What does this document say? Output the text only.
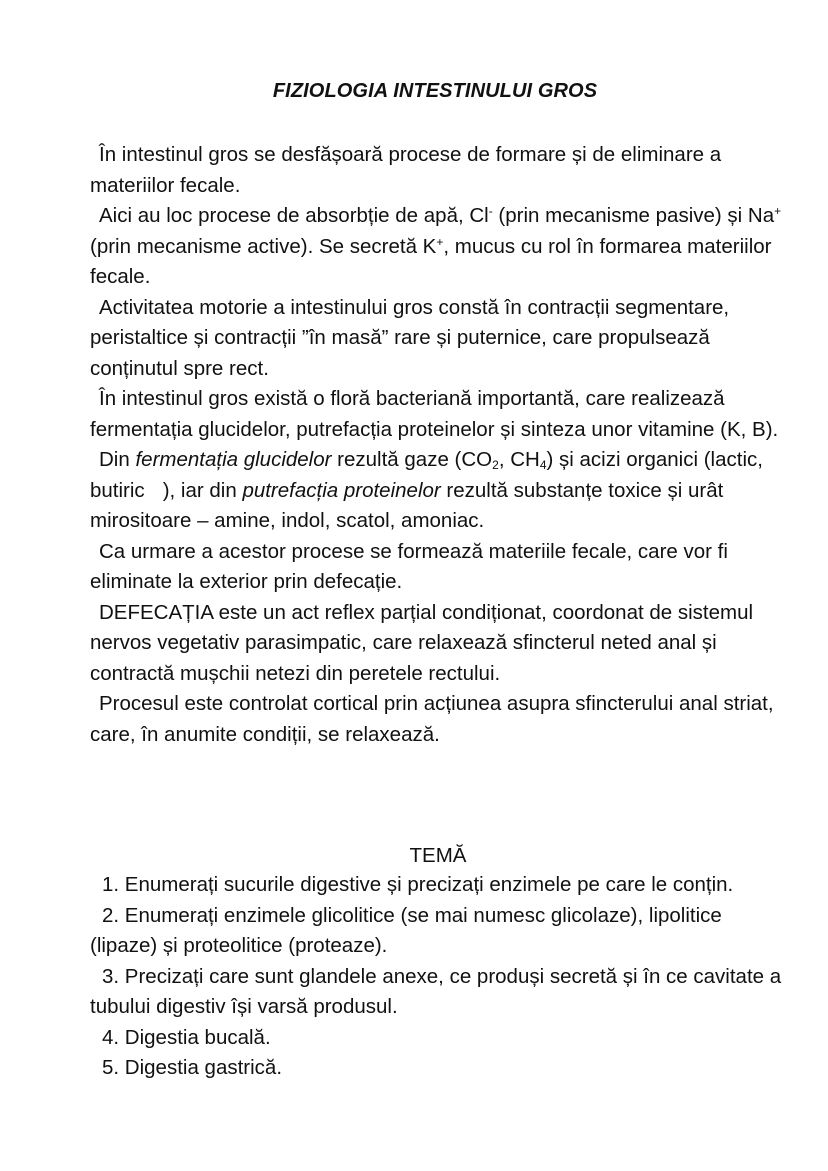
FIZIOLOGIA INTESTINULUI GROS

În intestinul gros se desfășoară procese de formare și de eliminare a materiilor fecale.

Aici au loc procese de absorbție de apă, Cl- (prin mecanisme pasive) și Na+ (prin mecanisme active). Se secretă K+, mucus cu rol în formarea materiilor fecale.

Activitatea motorie a intestinului gros constă în contracții segmentare, peristaltice și contracții ”în masă” rare și puternice, care propulsează conținutul spre rect.

În intestinul gros există o floră bacteriană importantă, care realizează fermentația glucidelor, putrefacția proteinelor și sinteza unor vitamine (K, B).

Din fermentația glucidelor rezultă gaze ($CO_2$, $CH_4$) și acizi organici (lactic, butiric ), iar din putrefacția proteinelor rezultă substanțe toxice și urât mirositoare – amine, indol, scatol, amoniac.

Ca urmare a acestor procese se formează materiile fecale, care vor fi eliminate la exterior prin defecație.

DEFECAȚIA este un act reflex parțial condiționat, coordonat de sistemul nervos vegetativ parasimpatic, care relaxează sfincterul neted anal și contractă mușchii netezi din peretele rectului.

Procesul este controlat cortical prin acțiunea asupra sfincterului anal striat, care, în anumite condiții, se relaxează.

TEMĂ

1. Enumerați sucurile digestive și precizați enzimele pe care le conțin.

2. Enumerați enzimele glicolitice (se mai numesc glicolaze), lipolitice (lipaze) și proteolitice (proteaze).

3. Precizați care sunt glandele anexe, ce produși secretă și în ce cavitate a tubului digestiv își varsă produsul.

4. Digestia bucală.

5. Digestia gastrică.
